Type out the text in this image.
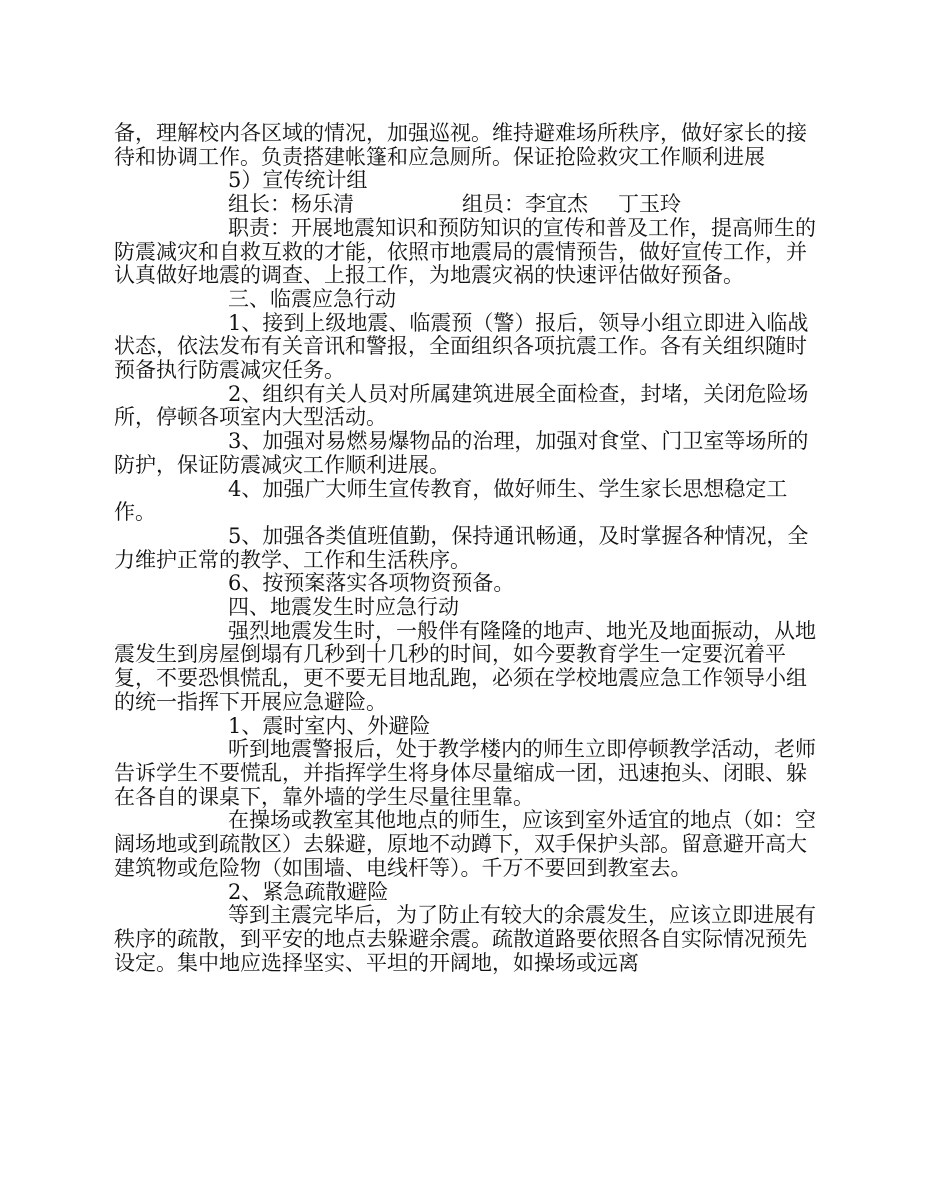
备，理解校内各区域的情况，加强巡视。维持避难场所秩序，做好家长的接待和协调工作。负责搭建帐篷和应急厕所。保证抢险救灾工作顺利进展

5）宣传统计组

组长：杨乐清	组员：李宜杰 丁玉玲

职责：开展地震知识和预防知识的宣传和普及工作，提高师生的防震减灾和自救互救的才能，依照市地震局的震情预告，做好宣传工作，并认真做好地震的调查、上报工作，为地震灾祸的快速评估做好预备。

三、临震应急行动

1、接到上级地震、临震预（警）报后，领导小组立即进入临战状态，依法发布有关音讯和警报，全面组织各项抗震工作。各有关组织随时预备执行防震减灾任务。

2、组织有关人员对所属建筑进展全面检查，封堵，关闭危险场所，停顿各项室内大型活动。

3、加强对易燃易爆物品的治理，加强对食堂、门卫室等场所的防护，保证防震减灾工作顺利进展。

4、加强广大师生宣传教育，做好师生、学生家长思想稳定工作。

5、加强各类值班值勤，保持通讯畅通，及时掌握各种情况，全力维护正常的教学、工作和生活秩序。

6、按预案落实各项物资预备。

四、地震发生时应急行动

强烈地震发生时，一般伴有隆隆的地声、地光及地面振动，从地震发生到房屋倒塌有几秒到十几秒的时间，如今要教育学生一定要沉着平复，不要恐惧慌乱，更不要无目地乱跑，必须在学校地震应急工作领导小组的统一指挥下开展应急避险。

1、震时室内、外避险

听到地震警报后，处于教学楼内的师生立即停顿教学活动，老师告诉学生不要慌乱，并指挥学生将身体尽量缩成一团，迅速抱头、闭眼、躲在各自的课桌下，靠外墙的学生尽量往里靠。

在操场或教室其他地点的师生，应该到室外适宜的地点（如：空阔场地或到疏散区）去躲避，原地不动蹲下，双手保护头部。留意避开高大建筑物或危险物（如围墙、电线杆等）。千万不要回到教室去。

2、紧急疏散避险

等到主震完毕后，为了防止有较大的余震发生，应该立即进展有秩序的疏散，到平安的地点去躲避余震。疏散道路要依照各自实际情况预先设定。集中地应选择坚实、平坦的开阔地，如操场或远离
